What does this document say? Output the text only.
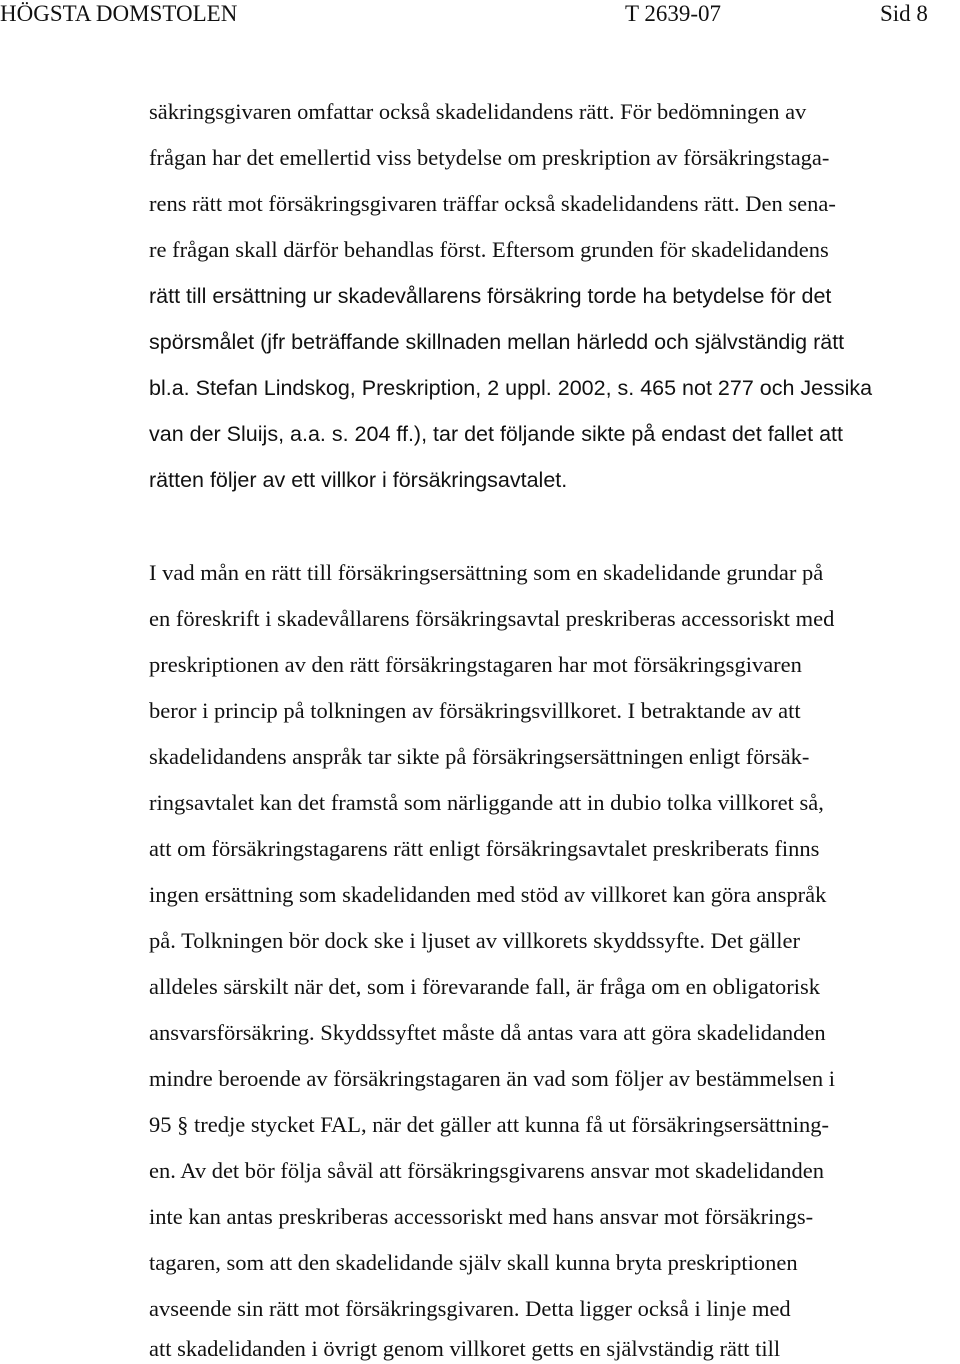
HÖGSTA DOMSTOLEN	T 2639-07	Sid 8
säkringsgivaren omfattar också skadelidandens rätt. För bedömningen av
frågan har det emellertid viss betydelse om preskription av försäkringstaga-
rens rätt mot försäkringsgivaren träffar också skadelidandens rätt. Den sena-
re frågan skall därför behandlas först. Eftersom grunden för skadelidandens
rätt till ersättning ur skadevållarens försäkring torde ha betydelse för det
spörsmålet (jfr beträffande skillnaden mellan härledd och självständig rätt
bl.a. Stefan Lindskog, Preskription, 2 uppl. 2002, s. 465 not 277 och Jessika
van der Sluijs, a.a. s. 204 ff.), tar det följande sikte på endast det fallet att
rätten följer av ett villkor i försäkringsavtalet.
I vad mån en rätt till försäkringsersättning som en skadelidande grundar på
en föreskrift i skadevållarens försäkringsavtal preskriberas accessoriskt med
preskriptionen av den rätt försäkringstagaren har mot försäkringsgivaren
beror i princip på tolkningen av försäkringsvillkoret. I betraktande av att
skadelidandens anspråk tar sikte på försäkringsersättningen enligt försäk-
ringsavtalet kan det framstå som närliggande att in dubio tolka villkoret så,
att om försäkringstagarens rätt enligt försäkringsavtalet preskriberats finns
ingen ersättning som skadelidanden med stöd av villkoret kan göra anspråk
på. Tolkningen bör dock ske i ljuset av villkorets skyddssyfte. Det gäller
alldeles särskilt när det, som i förevarande fall, är fråga om en obligatorisk
ansvarsförsäkring. Skyddssyftet måste då antas vara att göra skadelidanden
mindre beroende av försäkringstagaren än vad som följer av bestämmelsen i
95 § tredje stycket FAL, när det gäller att kunna få ut försäkringsersättning-
en. Av det bör följa såväl att försäkringsgivarens ansvar mot skadelidanden
inte kan antas preskriberas accessoriskt med hans ansvar mot försäkrings-
tagaren, som att den skadelidande själv skall kunna bryta preskriptionen
avseende sin rätt mot försäkringsgivaren. Detta ligger också i linje med
att skadelidanden i övrigt genom villkoret getts en självständig rätt till
